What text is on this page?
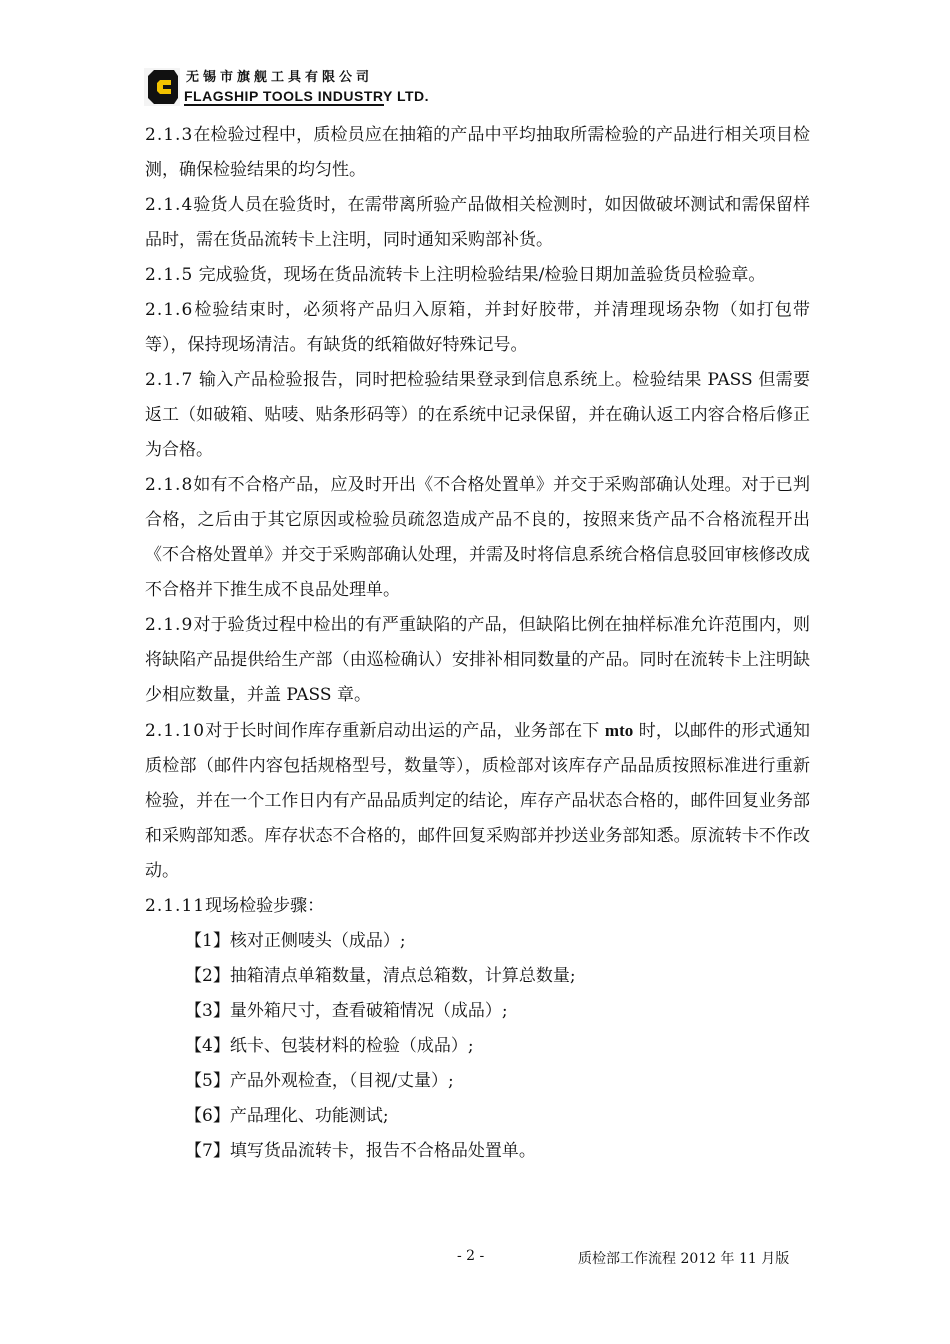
无锡市旗舰工具有限公司
FLAGSHIP TOOLS INDUSTRY LTD.

2.1.3在检验过程中，质检员应在抽箱的产品中平均抽取所需检验的产品进行相关项目检测，确保检验结果的均匀性。

2.1.4验货人员在验货时，在需带离所验产品做相关检测时，如因做破坏测试和需保留样品时，需在货品流转卡上注明，同时通知采购部补货。

2.1.5 完成验货，现场在货品流转卡上注明检验结果/检验日期加盖验货员检验章。

2.1.6检验结束时，必须将产品归入原箱，并封好胶带，并清理现场杂物（如打包带等），保持现场清洁。有缺货的纸箱做好特殊记号。

2.1.7 输入产品检验报告，同时把检验结果登录到信息系统上。检验结果 PASS 但需要返工（如破箱、贴唛、贴条形码等）的在系统中记录保留，并在确认返工内容合格后修正为合格。

2.1.8如有不合格产品，应及时开出《不合格处置单》并交于采购部确认处理。对于已判合格，之后由于其它原因或检验员疏忽造成产品不良的，按照来货产品不合格流程开出《不合格处置单》并交于采购部确认处理，并需及时将信息系统合格信息驳回审核修改成不合格并下推生成不良品处理单。

2.1.9对于验货过程中检出的有严重缺陷的产品，但缺陷比例在抽样标准允许范围内，则将缺陷产品提供给生产部（由巡检确认）安排补相同数量的产品。同时在流转卡上注明缺少相应数量，并盖 PASS 章。

2.1.10对于长时间作库存重新启动出运的产品，业务部在下 mto 时，以邮件的形式通知质检部（邮件内容包括规格型号，数量等），质检部对该库存产品品质按照标准进行重新检验，并在一个工作日内有产品品质判定的结论，库存产品状态合格的，邮件回复业务部和采购部知悉。库存状态不合格的，邮件回复采购部并抄送业务部知悉。原流转卡不作改动。

2.1.11现场检验步骤：

【1】核对正侧唛头（成品）;

【2】抽箱清点单箱数量，清点总箱数，计算总数量;

【3】量外箱尺寸，查看破箱情况（成品）;

【4】纸卡、包装材料的检验（成品）;

【5】产品外观检查，（目视/丈量）;

【6】产品理化、功能测试;

【7】填写货品流转卡，报告不合格品处置单。

- 2 -	质检部工作流程 2012 年 11 月版
